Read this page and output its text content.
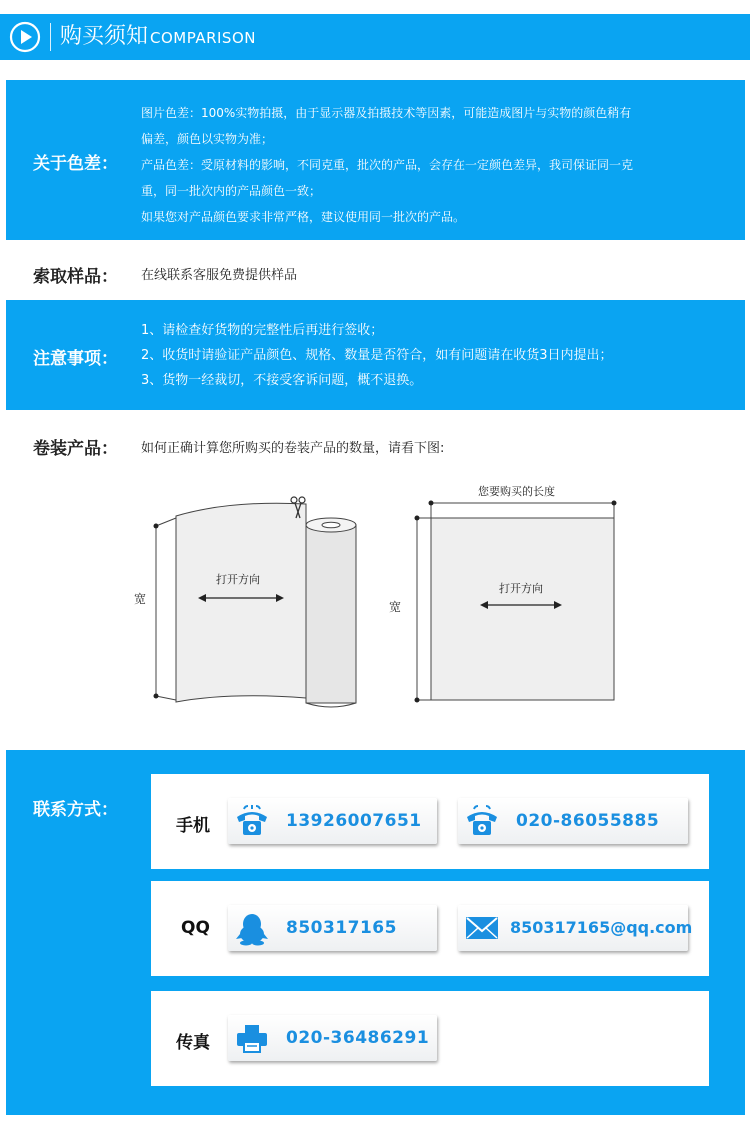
购买须知 COMPARISON
关于色差：
图片色差：100%实物拍摄，由于显示器及拍摄技术等因素，可能造成图片与实物的颜色稍有
偏差，颜色以实物为准；
产品色差：受原材料的影响，不同克重，批次的产品，会存在一定颜色差异，我司保证同一克
重，同一批次内的产品颜色一致；
如果您对产品颜色要求非常严格，建议使用同一批次的产品。
索取样品： 在线联系客服免费提供样品
注意事项：
1、请检查好货物的完整性后再进行签收；
2、收货时请验证产品颜色、规格、数量是否符合，如有问题请在收货3日内提出；
3、货物一经裁切，不接受客诉问题，概不退换。
卷装产品： 如何正确计算您所购买的卷装产品的数量，请看下图:
宽
打开方向
您要购买的长度
宽
打开方向
联系方式：
手机	13926007651	020-86055885
QQ	850317165	850317165@qq.com
传真	020-36486291
